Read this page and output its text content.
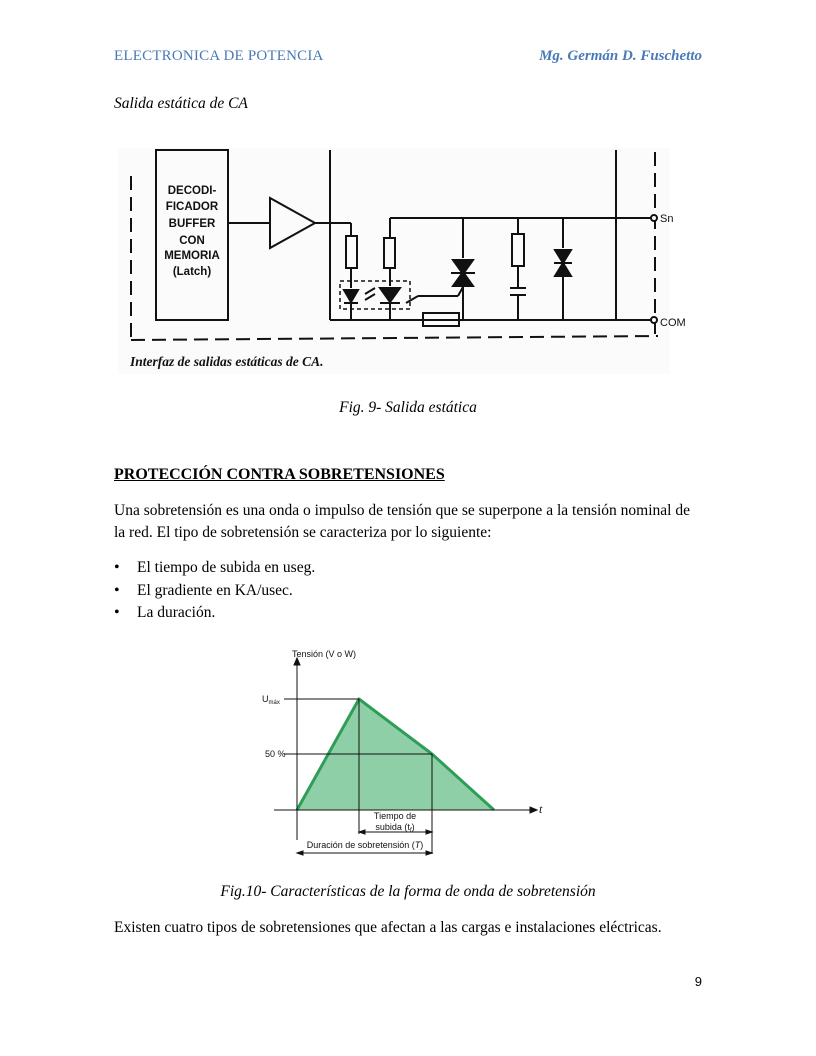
ELECTRONICA DE POTENCIA	Mg. Germán D. Fuschetto
Salida estática de CA
DECODI-
FICADOR
BUFFER
CON
MEMORIA
(Latch)
Sn
COM
Interfaz de salidas estáticas de CA.
Fig. 9- Salida estática
PROTECCIÓN CONTRA SOBRETENSIONES
Una sobretensión es una onda o impulso de tensión que se superpone a la tensión nominal de la red. El tipo de sobretensión se caracteriza por lo siguiente:
• El tiempo de subida en useg.
• El gradiente en KA/usec.
• La duración.
Tensión (V o W)
$U_{máx}$
50 %
t
Tiempo de
subida (tf)
Duración de sobretensión (T)
Fig.10- Características de la forma de onda de sobretensión
Existen cuatro tipos de sobretensiones que afectan a las cargas e instalaciones eléctricas.
9
